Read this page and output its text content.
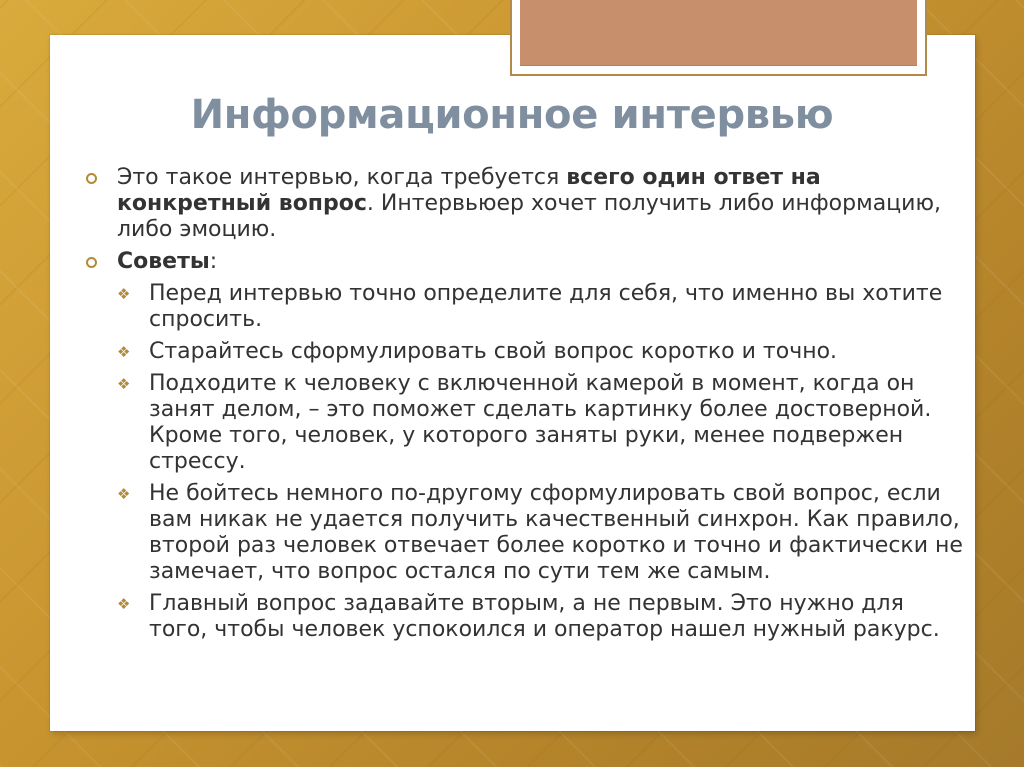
Информационное интервью
Это такое интервью, когда требуется всего один ответ на конкретный вопрос. Интервьюер хочет получить либо информацию, либо эмоцию.
Советы:
❖ Перед интервью точно определите для себя, что именно вы хотите спросить.
❖ Старайтесь сформулировать свой вопрос коротко и точно.
❖ Подходите к человеку с включенной камерой в момент, когда он занят делом, – это поможет сделать картинку более достоверной. Кроме того, человек, у которого заняты руки, менее подвержен стрессу.
❖ Не бойтесь немного по-другому сформулировать свой вопрос, если вам никак не удается получить качественный синхрон. Как правило, второй раз человек отвечает более коротко и точно и фактически не замечает, что вопрос остался по сути тем же самым.
❖ Главный вопрос задавайте вторым, а не первым. Это нужно для того, чтобы человек успокоился и оператор нашел нужный ракурс.
